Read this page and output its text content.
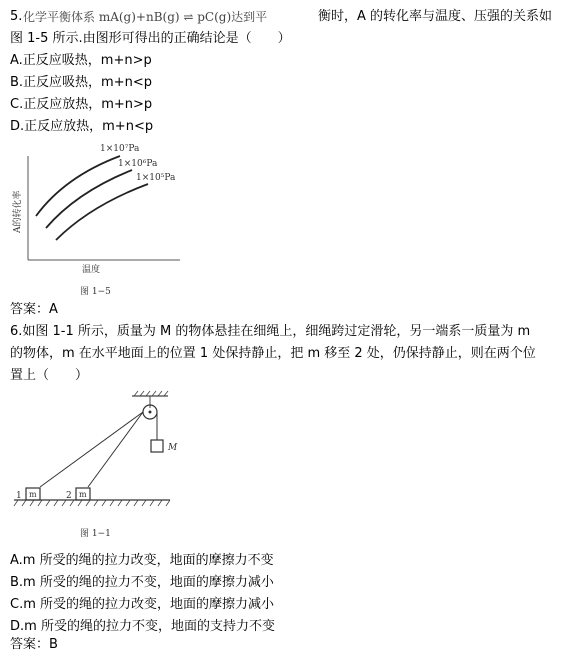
5. 化学平衡体系 mA(g)+nB(g) ⇌ pC(g)达到平	衡时，A 的转化率与温度、压强的关系如
图 1-5 所示.由图形可得出的正确结论是（　　）
A.正反应吸热，m+n>p
B.正反应吸热，m+n<p
C.正反应放热，m+n>p
D.正反应放热，m+n<p
1×10⁷Pa
1×10⁶Pa
1×10⁵Pa
A的转化率
温度
图 1−5
答案：A
6.如图 1-1 所示，质量为 M 的物体悬挂在细绳上，细绳跨过定滑轮，另一端系一质量为 m
的物体，m 在水平地面上的位置 1 处保持静止，把 m 移至 2 处，仍保持静止，则在两个位
置上（　　）
M
m	m
1	2
图 1−1
A.m 所受的绳的拉力改变，地面的摩擦力不变
B.m 所受的绳的拉力不变，地面的摩擦力减小
C.m 所受的绳的拉力改变，地面的摩擦力减小
D.m 所受的绳的拉力不变，地面的支持力不变
答案：B
